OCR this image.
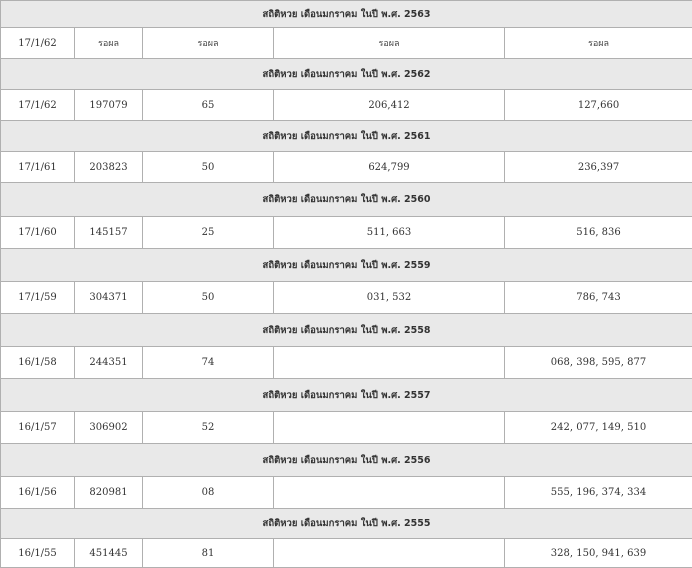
สถิติหวย เดือนมกราคม ในปี พ.ศ. 2563				
17/1/62	รอผล	รอผล	รอผล	รอผล
สถิติหวย เดือนมกราคม ในปี พ.ศ. 2562				
17/1/62	197079	65	206,412	127,660
สถิติหวย เดือนมกราคม ในปี พ.ศ. 2561				
17/1/61	203823	50	624,799	236,397
สถิติหวย เดือนมกราคม ในปี พ.ศ. 2560				
17/1/60	145157	25	511, 663	516, 836
สถิติหวย เดือนมกราคม ในปี พ.ศ. 2559				
17/1/59	304371	50	031, 532	786, 743
สถิติหวย เดือนมกราคม ในปี พ.ศ. 2558				
16/1/58	244351	74		068, 398, 595, 877
สถิติหวย เดือนมกราคม ในปี พ.ศ. 2557				
16/1/57	306902	52		242, 077, 149, 510
สถิติหวย เดือนมกราคม ในปี พ.ศ. 2556				
16/1/56	820981	08		555, 196, 374, 334
สถิติหวย เดือนมกราคม ในปี พ.ศ. 2555				
16/1/55	451445	81		328, 150, 941, 639
